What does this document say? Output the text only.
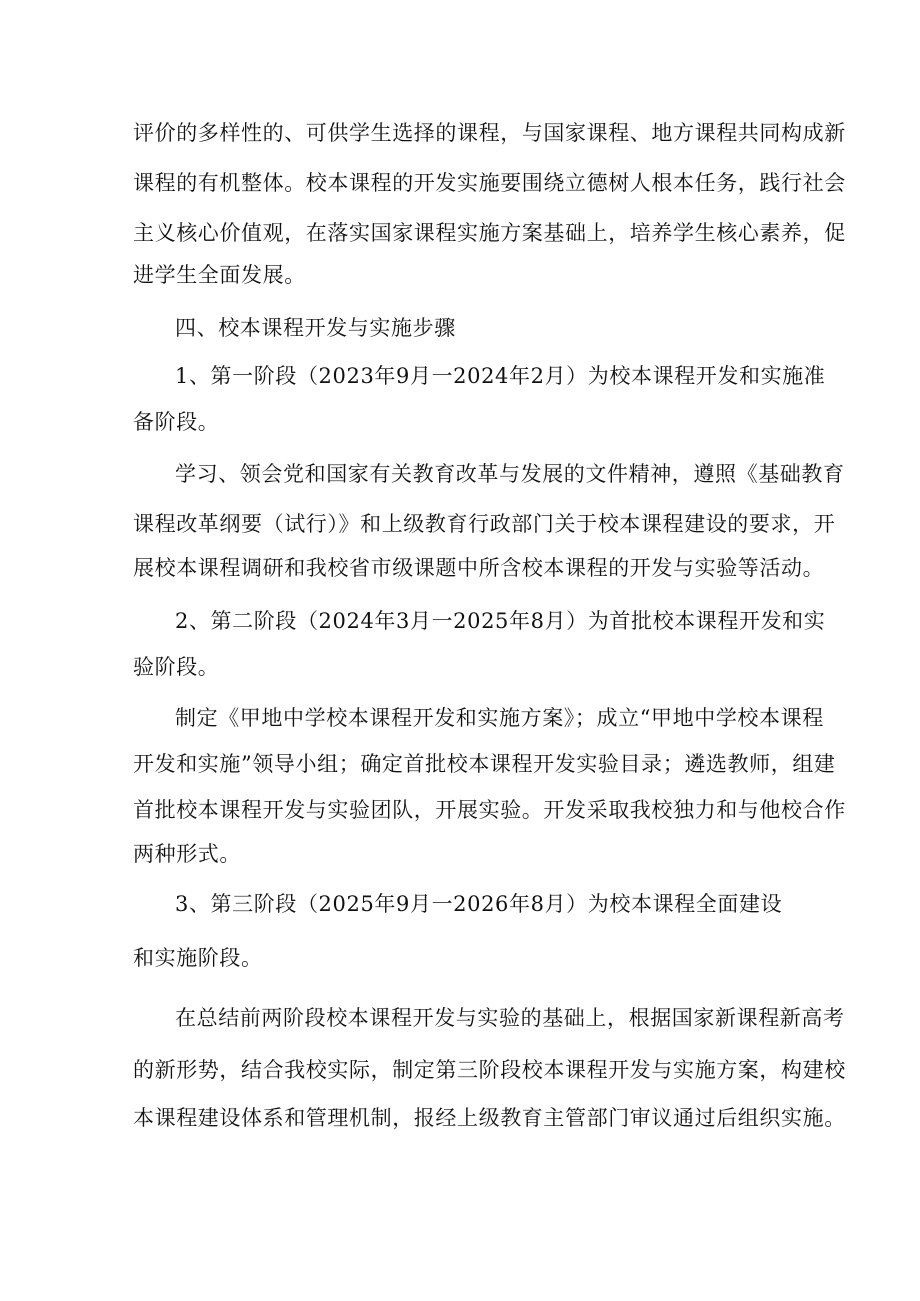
评价的多样性的、可供学生选择的课程，与国家课程、地方课程共同构成新
课程的有机整体。校本课程的开发实施要围绕立德树人根本任务，践行社会
主义核心价值观，在落实国家课程实施方案基础上，培养学生核心素养，促
进学生全面发展。
四、校本课程开发与实施步骤
1、第一阶段（2023年9月一2024年2月）为校本课程开发和实施准
备阶段。
学习、领会党和国家有关教育改革与发展的文件精神，遵照《基础教育
课程改革纲要（试行）》和上级教育行政部门关于校本课程建设的要求，开
展校本课程调研和我校省市级课题中所含校本课程的开发与实验等活动。
2、第二阶段（2024年3月一2025年8月）为首批校本课程开发和实
验阶段。
制定《甲地中学校本课程开发和实施方案》；成立“甲地中学校本课程
开发和实施”领导小组；确定首批校本课程开发实验目录；遴选教师，组建
首批校本课程开发与实验团队，开展实验。开发采取我校独力和与他校合作
两种形式。
3、第三阶段（2025年9月一2026年8月）为校本课程全面建设
和实施阶段。
在总结前两阶段校本课程开发与实验的基础上，根据国家新课程新高考
的新形势，结合我校实际，制定第三阶段校本课程开发与实施方案，构建校
本课程建设体系和管理机制，报经上级教育主管部门审议通过后组织实施。
